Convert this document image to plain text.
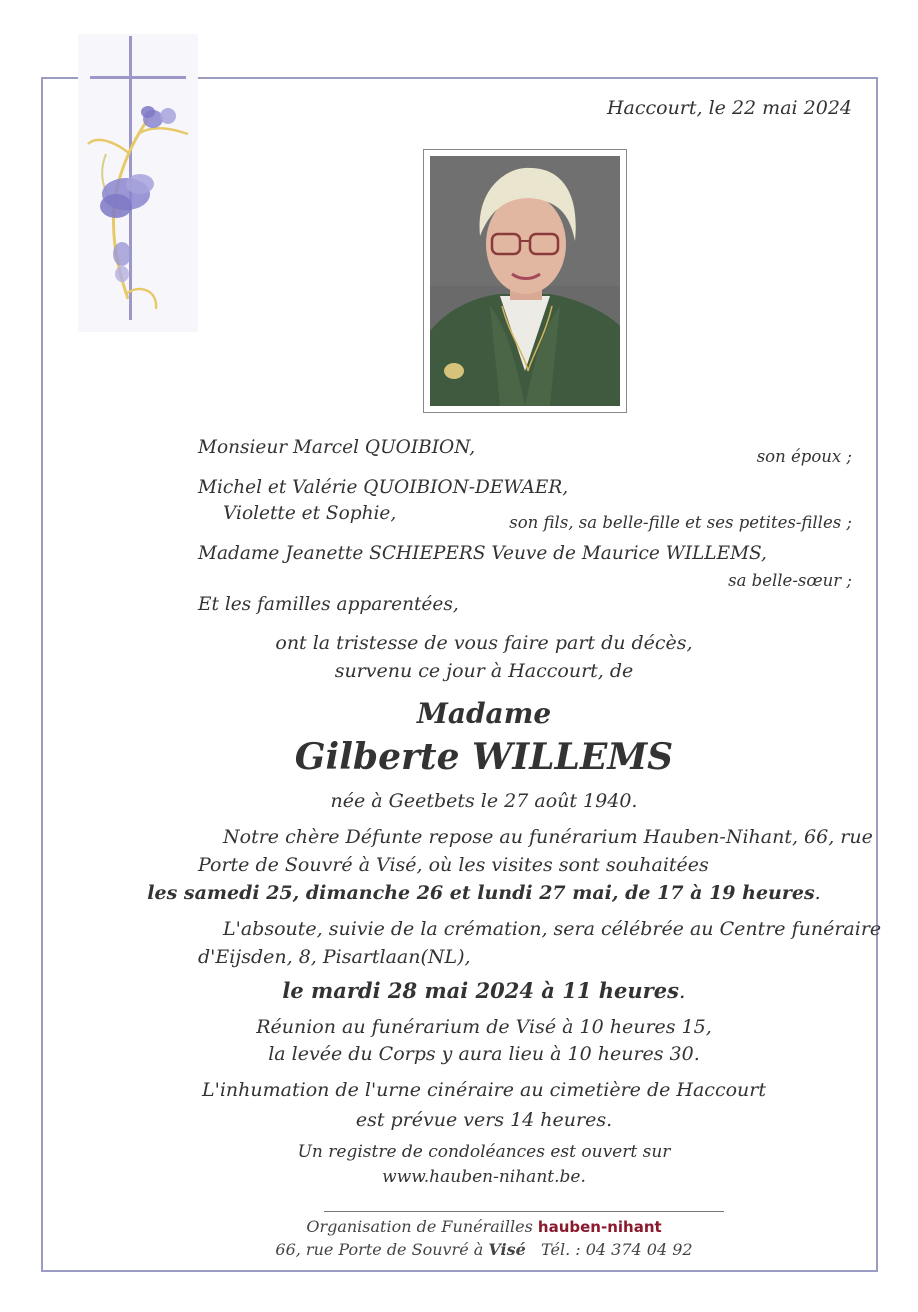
Haccourt, le 22 mai 2024
Monsieur Marcel QUOIBION,	son époux ;
Michel et Valérie QUOIBION-DEWAER,
Violette et Sophie,	son fils, sa belle-fille et ses petites-filles ;
Madame Jeanette SCHIEPERS Veuve de Maurice WILLEMS,
sa belle-sœur ;
Et les familles apparentées,
ont la tristesse de vous faire part du décès,
survenu ce jour à Haccourt, de
Madame
Gilberte WILLEMS
née à Geetbets le 27 août 1940.
Notre chère Défunte repose au funérarium Hauben-Nihant, 66, rue
Porte de Souvré à Visé, où les visites sont souhaitées
les samedi 25, dimanche 26 et lundi 27 mai, de 17 à 19 heures.
L'absoute, suivie de la crémation, sera célébrée au Centre funéraire
d'Eijsden, 8, Pisartlaan(NL),
le mardi 28 mai 2024 à 11 heures.
Réunion au funérarium de Visé à 10 heures 15,
la levée du Corps y aura lieu à 10 heures 30.
L'inhumation de l'urne cinéraire au cimetière de Haccourt
est prévue vers 14 heures.
Un registre de condoléances est ouvert sur
www.hauben-nihant.be.
Organisation de Funérailles hauben-nihant
66, rue Porte de Souvré à Visé Tél. : 04 374 04 92
